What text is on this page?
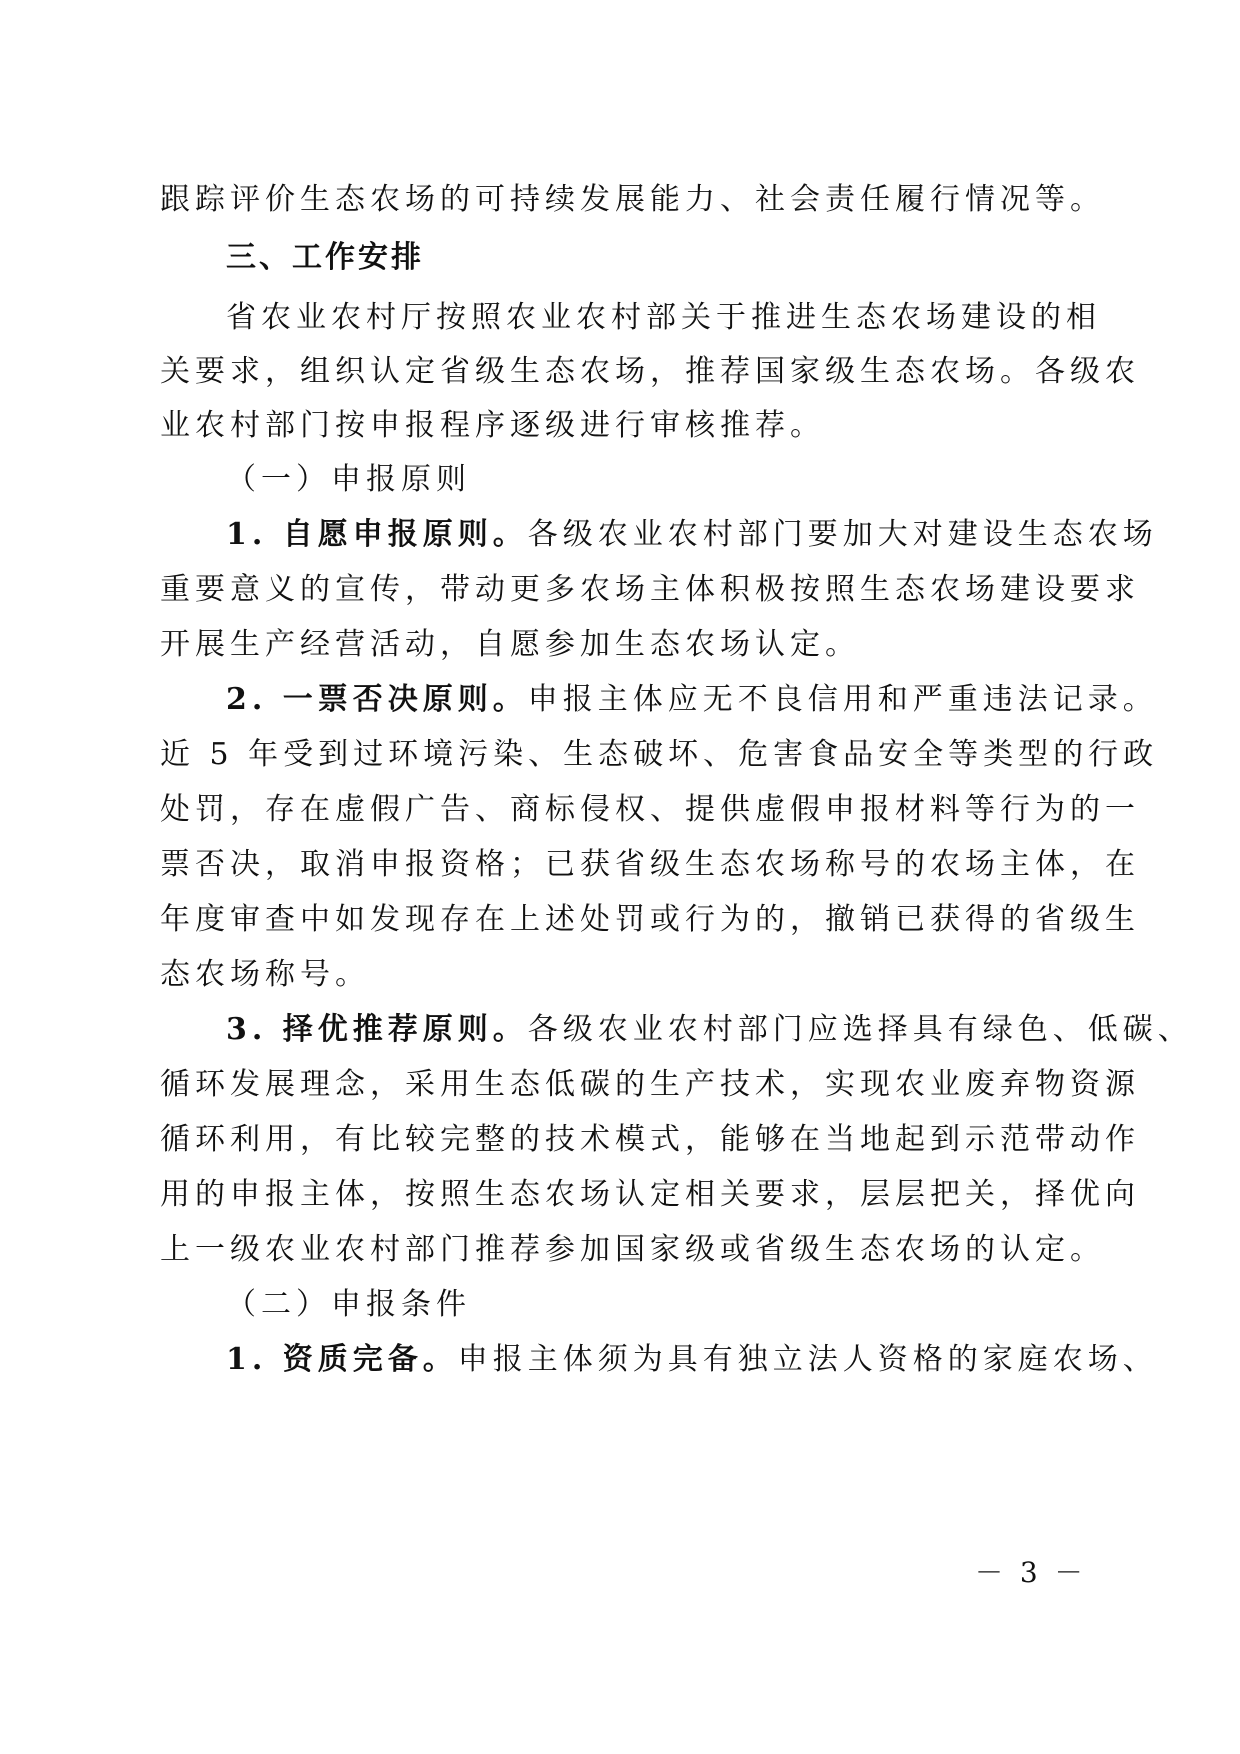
跟踪评价生态农场的可持续发展能力、社会责任履行情况等。
三、工作安排
省农业农村厅按照农业农村部关于推进生态农场建设的相
关要求，组织认定省级生态农场，推荐国家级生态农场。各级农
业农村部门按申报程序逐级进行审核推荐。
（一）申报原则
1. 自愿申报原则。各级农业农村部门要加大对建设生态农场
重要意义的宣传，带动更多农场主体积极按照生态农场建设要求
开展生产经营活动，自愿参加生态农场认定。
2. 一票否决原则。申报主体应无不良信用和严重违法记录。
近 5 年受到过环境污染、生态破坏、危害食品安全等类型的行政
处罚，存在虚假广告、商标侵权、提供虚假申报材料等行为的一
票否决，取消申报资格；已获省级生态农场称号的农场主体，在
年度审查中如发现存在上述处罚或行为的，撤销已获得的省级生
态农场称号。
3. 择优推荐原则。各级农业农村部门应选择具有绿色、低碳、
循环发展理念，采用生态低碳的生产技术，实现农业废弃物资源
循环利用，有比较完整的技术模式，能够在当地起到示范带动作
用的申报主体，按照生态农场认定相关要求，层层把关，择优向
上一级农业农村部门推荐参加国家级或省级生态农场的认定。
（二）申报条件
1. 资质完备。申报主体须为具有独立法人资格的家庭农场、
－ 3 －
